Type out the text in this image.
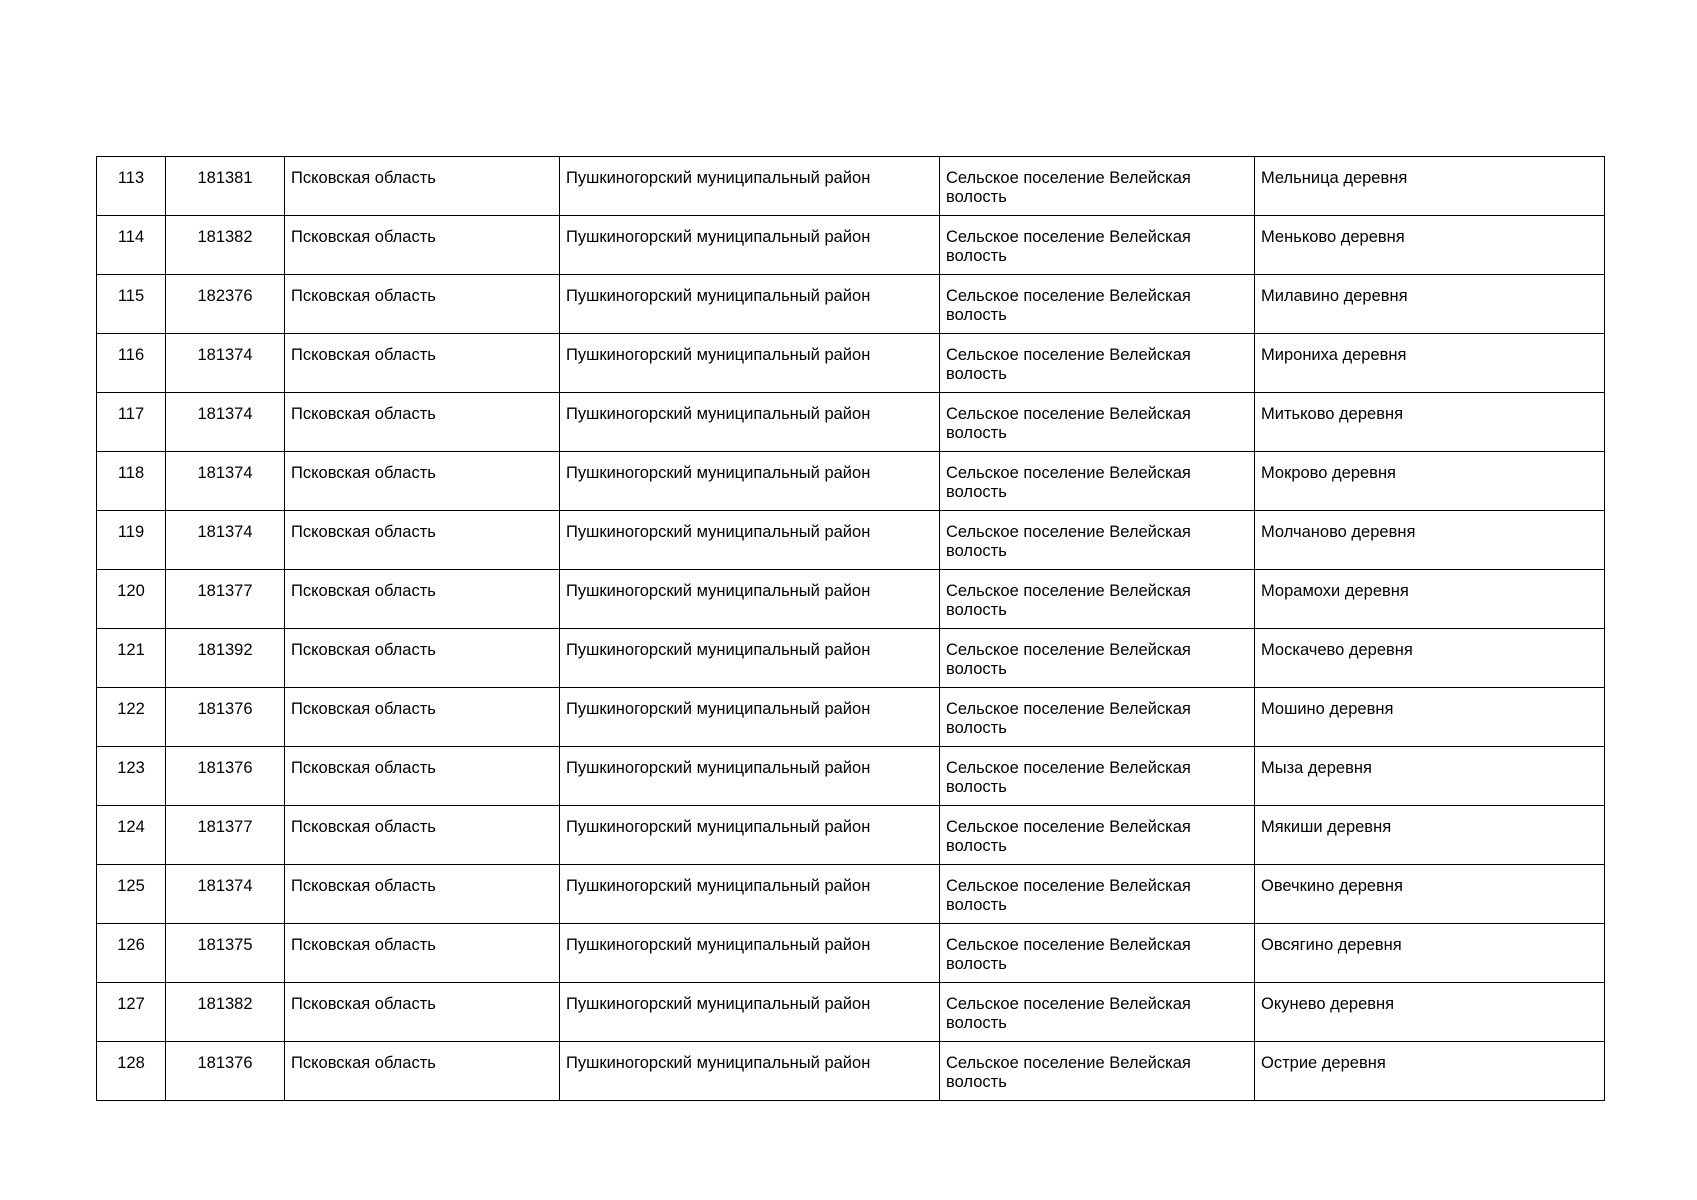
113	181381	Псковская область	Пушкиногорский муниципальный район	Сельское поселение Велейская волость	Мельница деревня
114	181382	Псковская область	Пушкиногорский муниципальный район	Сельское поселение Велейская волость	Меньково деревня
115	182376	Псковская область	Пушкиногорский муниципальный район	Сельское поселение Велейская волость	Милавино деревня
116	181374	Псковская область	Пушкиногорский муниципальный район	Сельское поселение Велейская волость	Мирониха деревня
117	181374	Псковская область	Пушкиногорский муниципальный район	Сельское поселение Велейская волость	Митьково деревня
118	181374	Псковская область	Пушкиногорский муниципальный район	Сельское поселение Велейская волость	Мокрово деревня
119	181374	Псковская область	Пушкиногорский муниципальный район	Сельское поселение Велейская волость	Молчаново деревня
120	181377	Псковская область	Пушкиногорский муниципальный район	Сельское поселение Велейская волость	Морамохи деревня
121	181392	Псковская область	Пушкиногорский муниципальный район	Сельское поселение Велейская волость	Москачево деревня
122	181376	Псковская область	Пушкиногорский муниципальный район	Сельское поселение Велейская волость	Мошино деревня
123	181376	Псковская область	Пушкиногорский муниципальный район	Сельское поселение Велейская волость	Мыза деревня
124	181377	Псковская область	Пушкиногорский муниципальный район	Сельское поселение Велейская волость	Мякиши деревня
125	181374	Псковская область	Пушкиногорский муниципальный район	Сельское поселение Велейская волость	Овечкино деревня
126	181375	Псковская область	Пушкиногорский муниципальный район	Сельское поселение Велейская волость	Овсягино деревня
127	181382	Псковская область	Пушкиногорский муниципальный район	Сельское поселение Велейская волость	Окунево деревня
128	181376	Псковская область	Пушкиногорский муниципальный район	Сельское поселение Велейская волость	Острие деревня
